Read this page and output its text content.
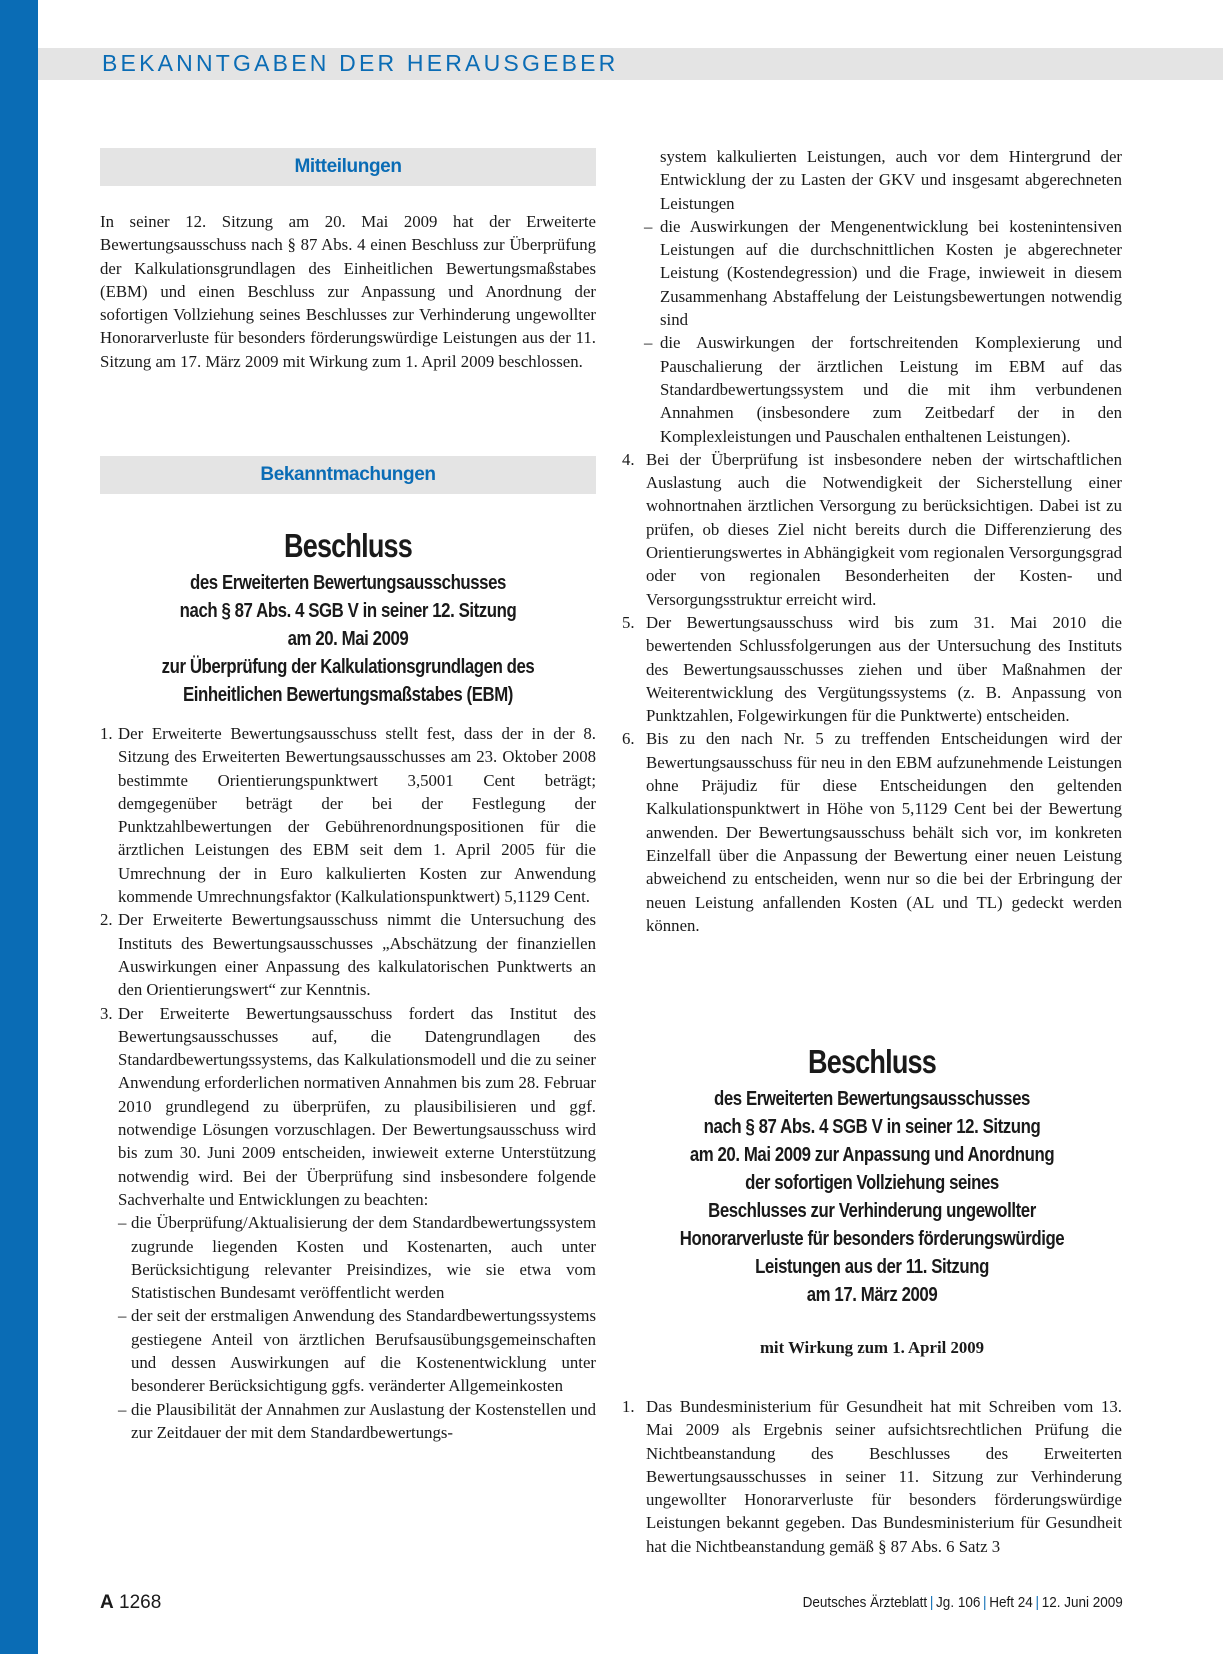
BEKANNTGABEN DER HERAUSGEBER
Mitteilungen

In seiner 12. Sitzung am 20. Mai 2009 hat der Erweiterte Bewertungsausschuss nach § 87 Abs. 4 einen Beschluss zur Überprüfung der Kalkulationsgrundlagen des Einheitlichen Bewertungsmaßstabes (EBM) und einen Beschluss zur Anpassung und Anordnung der sofortigen Vollziehung seines Beschlusses zur Verhinderung ungewollter Honorarverluste für besonders förderungswürdige Leistungen aus der 11. Sitzung am 17. März 2009 mit Wirkung zum 1. April 2009 beschlossen.

Bekanntmachungen
Beschluss
des Erweiterten Bewertungsausschusses
nach § 87 Abs. 4 SGB V in seiner 12. Sitzung
am 20. Mai 2009
zur Überprüfung der Kalkulationsgrundlagen des
Einheitlichen Bewertungsmaßstabes (EBM)
1. Der Erweiterte Bewertungsausschuss stellt fest, dass der in der 8. Sitzung des Erweiterten Bewertungsausschusses am 23. Oktober 2008 bestimmte Orientierungspunktwert 3,5001 Cent beträgt; demgegenüber beträgt der bei der Festlegung der Punktzahlbewertungen der Gebührenordnungspositionen für die ärztlichen Leistungen des EBM seit dem 1. April 2005 für die Umrechnung der in Euro kalkulierten Kosten zur Anwendung kommende Umrechnungsfaktor (Kalkulationspunktwert) 5,1129 Cent.
2. Der Erweiterte Bewertungsausschuss nimmt die Untersuchung des Instituts des Bewertungsausschusses „Abschätzung der finanziellen Auswirkungen einer Anpassung des kalkulatorischen Punktwerts an den Orientierungswert“ zur Kenntnis.
3. Der Erweiterte Bewertungsausschuss fordert das Institut des Bewertungsausschusses auf, die Datengrundlagen des Standardbewertungssystems, das Kalkulationsmodell und die zu seiner Anwendung erforderlichen normativen Annahmen bis zum 28. Februar 2010 grundlegend zu überprüfen, zu plausibilisieren und ggf. notwendige Lösungen vorzuschlagen. Der Bewertungsausschuss wird bis zum 30. Juni 2009 entscheiden, inwieweit externe Unterstützung notwendig wird. Bei der Überprüfung sind insbesondere folgende Sachverhalte und Entwicklungen zu beachten:
– die Überprüfung/Aktualisierung der dem Standardbewertungssystem zugrunde liegenden Kosten und Kostenarten, auch unter Berücksichtigung relevanter Preisindizes, wie sie etwa vom Statistischen Bundesamt veröffentlicht werden
– der seit der erstmaligen Anwendung des Standardbewertungssystems gestiegene Anteil von ärztlichen Berufsausübungsgemeinschaften und dessen Auswirkungen auf die Kostenentwicklung unter besonderer Berücksichtigung ggfs. veränderter Allgemeinkosten
– die Plausibilität der Annahmen zur Auslastung der Kostenstellen und zur Zeitdauer der mit dem Standardbewertungs-
system kalkulierten Leistungen, auch vor dem Hintergrund der Entwicklung der zu Lasten der GKV und insgesamt abgerechneten Leistungen
– die Auswirkungen der Mengenentwicklung bei kostenintensiven Leistungen auf die durchschnittlichen Kosten je abgerechneter Leistung (Kostendegression) und die Frage, inwieweit in diesem Zusammenhang Abstaffelung der Leistungsbewertungen notwendig sind
– die Auswirkungen der fortschreitenden Komplexierung und Pauschalierung der ärztlichen Leistung im EBM auf das Standardbewertungssystem und die mit ihm verbundenen Annahmen (insbesondere zum Zeitbedarf der in den Komplexleistungen und Pauschalen enthaltenen Leistungen).
4. Bei der Überprüfung ist insbesondere neben der wirtschaftlichen Auslastung auch die Notwendigkeit der Sicherstellung einer wohnortnahen ärztlichen Versorgung zu berücksichtigen. Dabei ist zu prüfen, ob dieses Ziel nicht bereits durch die Differenzierung des Orientierungswertes in Abhängigkeit vom regionalen Versorgungsgrad oder von regionalen Besonderheiten der Kosten- und Versorgungsstruktur erreicht wird.
5. Der Bewertungsausschuss wird bis zum 31. Mai 2010 die bewertenden Schlussfolgerungen aus der Untersuchung des Instituts des Bewertungsausschusses ziehen und über Maßnahmen der Weiterentwicklung des Vergütungssystems (z. B. Anpassung von Punktzahlen, Folgewirkungen für die Punktwerte) entscheiden.
6. Bis zu den nach Nr. 5 zu treffenden Entscheidungen wird der Bewertungsausschuss für neu in den EBM aufzunehmende Leistungen ohne Präjudiz für diese Entscheidungen den geltenden Kalkulationspunktwert in Höhe von 5,1129 Cent bei der Bewertung anwenden. Der Bewertungsausschuss behält sich vor, im konkreten Einzelfall über die Anpassung der Bewertung einer neuen Leistung abweichend zu entscheiden, wenn nur so die bei der Erbringung der neuen Leistung anfallenden Kosten (AL und TL) gedeckt werden können.
Beschluss
des Erweiterten Bewertungsausschusses
nach § 87 Abs. 4 SGB V in seiner 12. Sitzung
am 20. Mai 2009 zur Anpassung und Anordnung
der sofortigen Vollziehung seines
Beschlusses zur Verhinderung ungewollter
Honorarverluste für besonders förderungswürdige
Leistungen aus der 11. Sitzung
am 17. März 2009
mit Wirkung zum 1. April 2009
1. Das Bundesministerium für Gesundheit hat mit Schreiben vom 13. Mai 2009 als Ergebnis seiner aufsichtsrechtlichen Prüfung die Nichtbeanstandung des Beschlusses des Erweiterten Bewertungsausschusses in seiner 11. Sitzung zur Verhinderung ungewollter Honorarverluste für besonders förderungswürdige Leistungen bekannt gegeben. Das Bundesministerium für Gesundheit hat die Nichtbeanstandung gemäß § 87 Abs. 6 Satz 3
A 1268	Deutsches Ärzteblatt | Jg. 106 | Heft 24 | 12. Juni 2009
